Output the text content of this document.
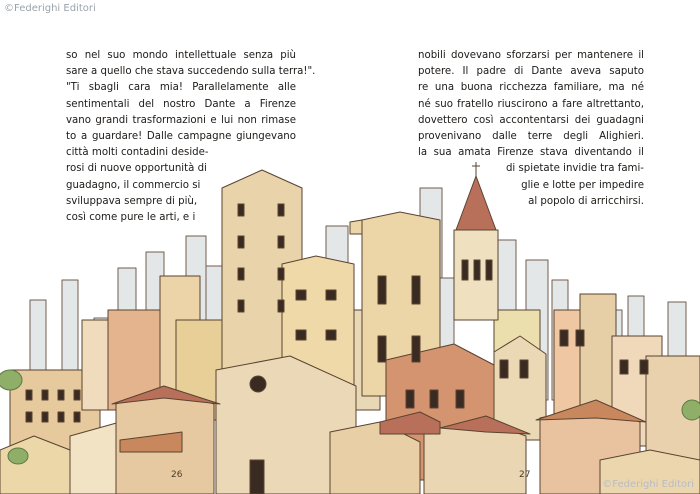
©Federighi Editori
so nel suo mondo intellettuale senza più
sare a quello che stava succedendo sulla terra!".
"Ti sbagli cara mia! Parallelamente alle
sentimentali del nostro Dante a Firenze
vano grandi trasformazioni e lui non rimase
to a guardare! Dalle campagne giungevano
città molti contadini deside-
rosi di nuove opportunità di
guadagno, il commercio si
sviluppava sempre di più,
così come pure le arti, e i
nobili dovevano sforzarsi per mantenere il
potere. Il padre di Dante aveva saputo
re una buona ricchezza familiare, ma né
né suo fratello riuscirono a fare altrettanto,
dovettero così accontentarsi dei guadagni
provenivano dalle terre degli Alighieri.
la sua amata Firenze stava diventando il
di spietate invidie tra fami-
glie e lotte per impedire
al popolo di arricchirsi.
26	27
©Federighi Editori
